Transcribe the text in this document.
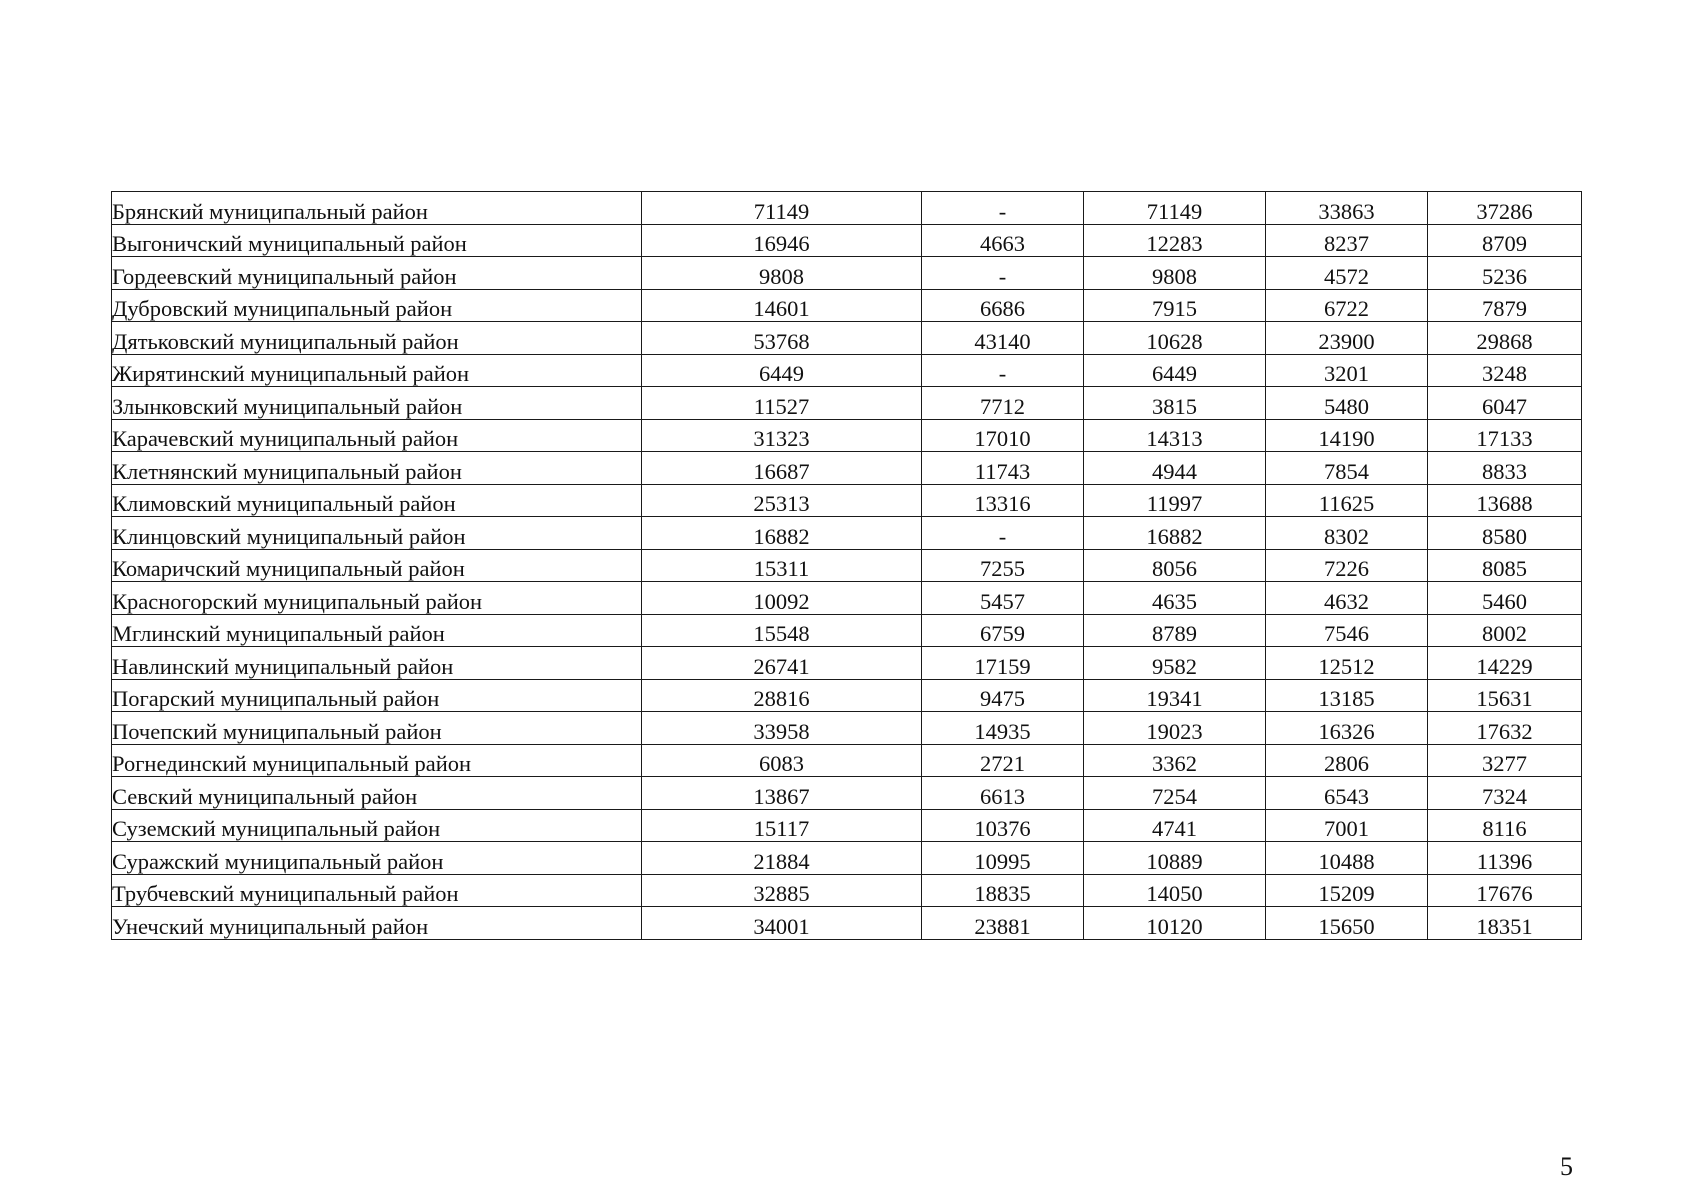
Брянский муниципальный район	71149	-	71149	33863	37286
Выгоничский муниципальный район	16946	4663	12283	8237	8709
Гордеевский муниципальный район	9808	-	9808	4572	5236
Дубровский муниципальный район	14601	6686	7915	6722	7879
Дятьковский муниципальный район	53768	43140	10628	23900	29868
Жирятинский муниципальный район	6449	-	6449	3201	3248
Злынковский муниципальный район	11527	7712	3815	5480	6047
Карачевский муниципальный район	31323	17010	14313	14190	17133
Клетнянский муниципальный район	16687	11743	4944	7854	8833
Климовский муниципальный район	25313	13316	11997	11625	13688
Клинцовский муниципальный район	16882	-	16882	8302	8580
Комаричский муниципальный район	15311	7255	8056	7226	8085
Красногорский муниципальный район	10092	5457	4635	4632	5460
Мглинский муниципальный район	15548	6759	8789	7546	8002
Навлинский муниципальный район	26741	17159	9582	12512	14229
Погарский муниципальный район	28816	9475	19341	13185	15631
Почепский муниципальный район	33958	14935	19023	16326	17632
Рогнединский муниципальный район	6083	2721	3362	2806	3277
Севский муниципальный район	13867	6613	7254	6543	7324
Суземский муниципальный район	15117	10376	4741	7001	8116
Суражский муниципальный район	21884	10995	10889	10488	11396
Трубчевский муниципальный район	32885	18835	14050	15209	17676
Унечский муниципальный район	34001	23881	10120	15650	18351
5
